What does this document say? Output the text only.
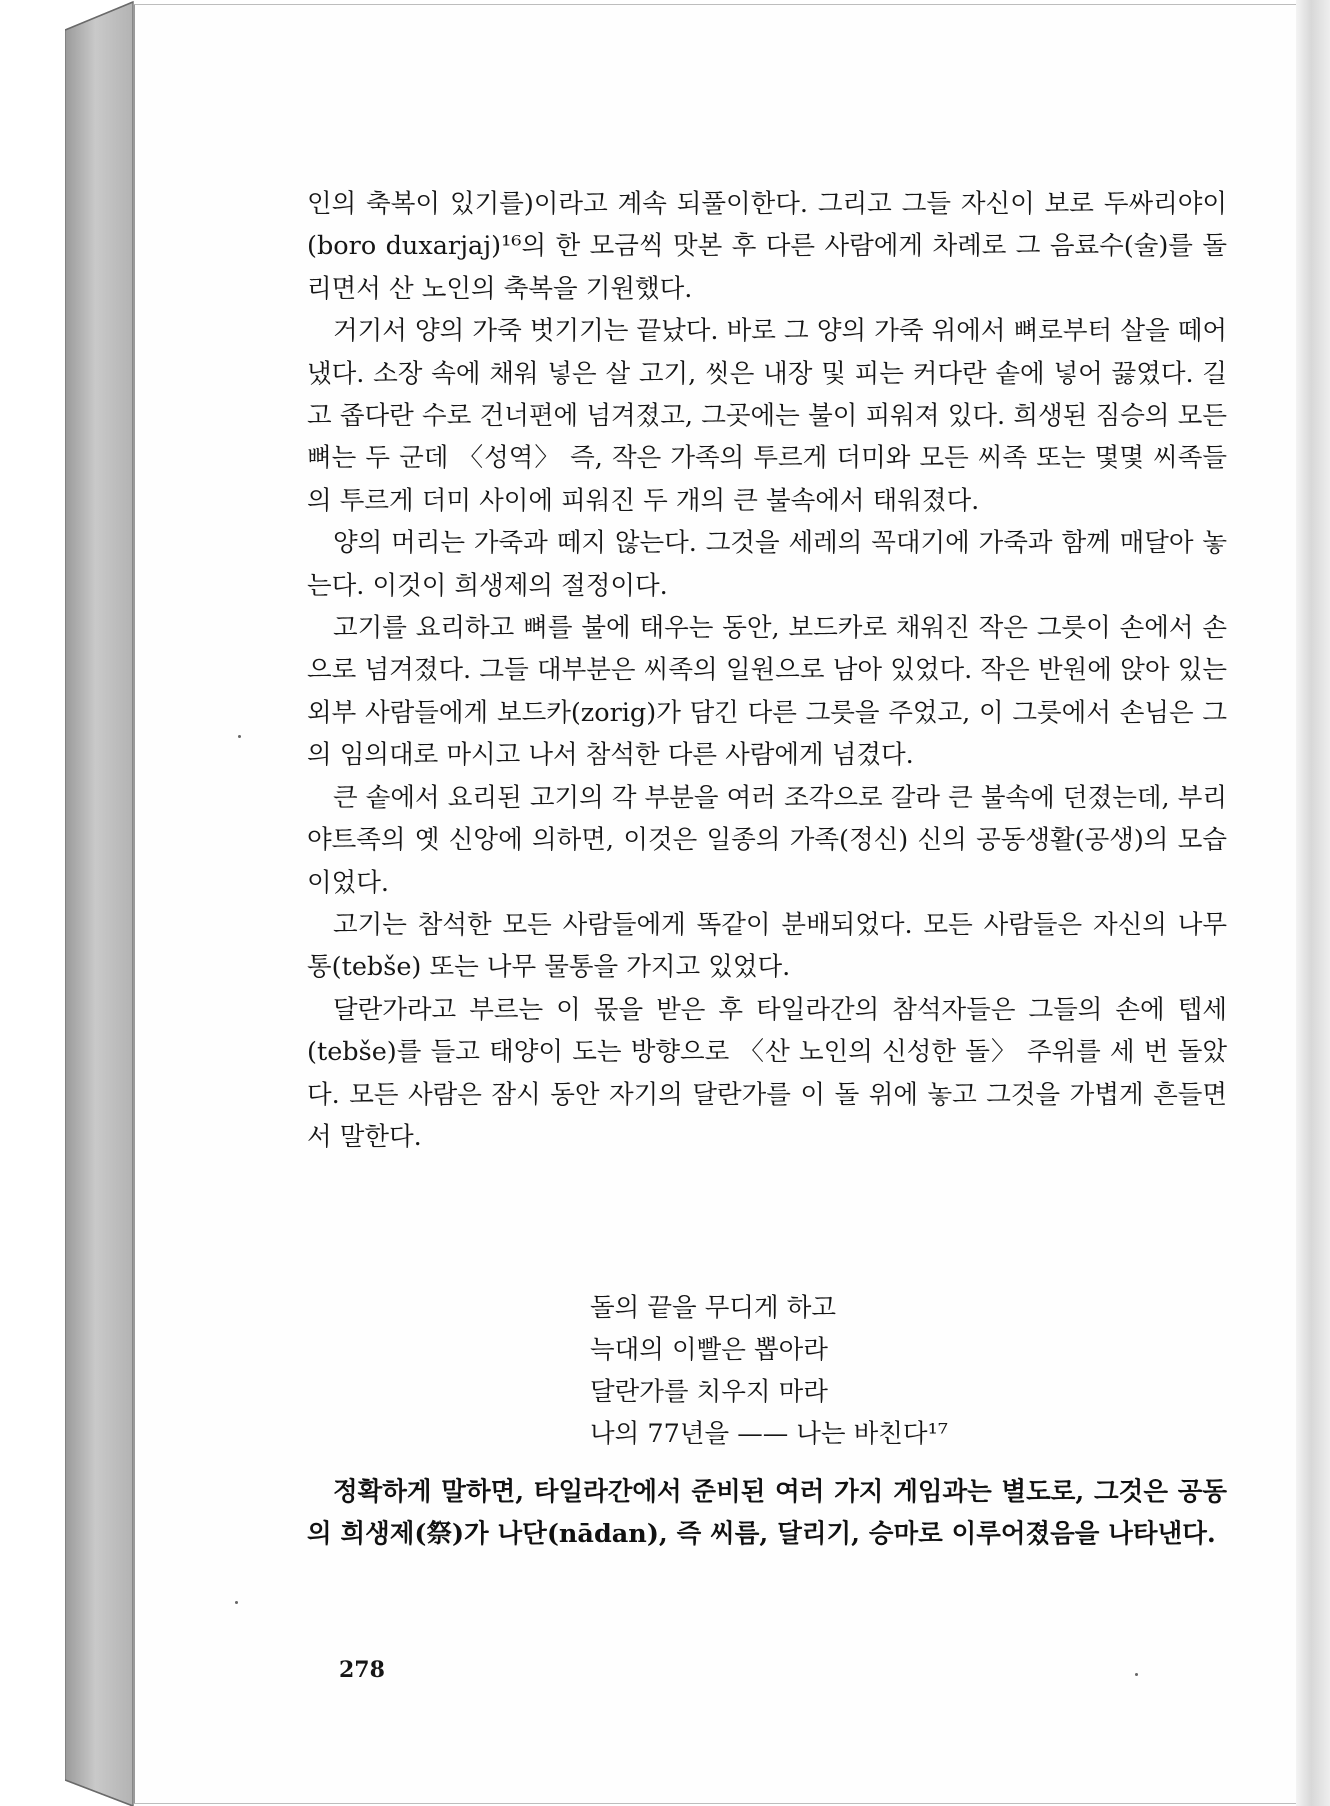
인의 축복이 있기를)이라고 계속 되풀이한다. 그리고 그들 자신이 보로 두싸리야이(boro duxarjaj)¹⁶의 한 모금씩 맛본 후 다른 사람에게 차례로 그 음료수(술)를 돌리면서 산 노인의 축복을 기원했다.

거기서 양의 가죽 벗기기는 끝났다. 바로 그 양의 가죽 위에서 뼈로부터 살을 떼어냈다. 소장 속에 채워 넣은 살 고기, 씻은 내장 및 피는 커다란 솥에 넣어 끓였다. 길고 좁다란 수로 건너편에 넘겨졌고, 그곳에는 불이 피워져 있다. 희생된 짐승의 모든 뼈는 두 군데 〈성역〉 즉, 작은 가족의 투르게 더미와 모든 씨족 또는 몇몇 씨족들의 투르게 더미 사이에 피워진 두 개의 큰 불속에서 태워졌다.

양의 머리는 가죽과 떼지 않는다. 그것을 세레의 꼭대기에 가죽과 함께 매달아 놓는다. 이것이 희생제의 절정이다.

고기를 요리하고 뼈를 불에 태우는 동안, 보드카로 채워진 작은 그릇이 손에서 손으로 넘겨졌다. 그들 대부분은 씨족의 일원으로 남아 있었다. 작은 반원에 앉아 있는 외부 사람들에게 보드카(zorig)가 담긴 다른 그릇을 주었고, 이 그릇에서 손님은 그의 임의대로 마시고 나서 참석한 다른 사람에게 넘겼다.

큰 솥에서 요리된 고기의 각 부분을 여러 조각으로 갈라 큰 불속에 던졌는데, 부리야트족의 옛 신앙에 의하면, 이것은 일종의 가족(정신) 신의 공동생활(공생)의 모습이었다.

고기는 참석한 모든 사람들에게 똑같이 분배되었다. 모든 사람들은 자신의 나무 통(tebše) 또는 나무 물통을 가지고 있었다.

달란가라고 부르는 이 몫을 받은 후 타일라간의 참석자들은 그들의 손에 텝세(tebše)를 들고 태양이 도는 방향으로 〈산 노인의 신성한 돌〉 주위를 세 번 돌았다. 모든 사람은 잠시 동안 자기의 달란가를 이 돌 위에 놓고 그것을 가볍게 흔들면서 말한다.

돌의 끝을 무디게 하고
늑대의 이빨은 뽑아라
달란가를 치우지 마라
나의 77년을 —— 나는 바친다¹⁷

정확하게 말하면, 타일라간에서 준비된 여러 가지 게임과는 별도로, 그것은 공동의 희생제(祭)가 나단(nādan), 즉 씨름, 달리기, 승마로 이루어졌음을 나타낸다.

278
